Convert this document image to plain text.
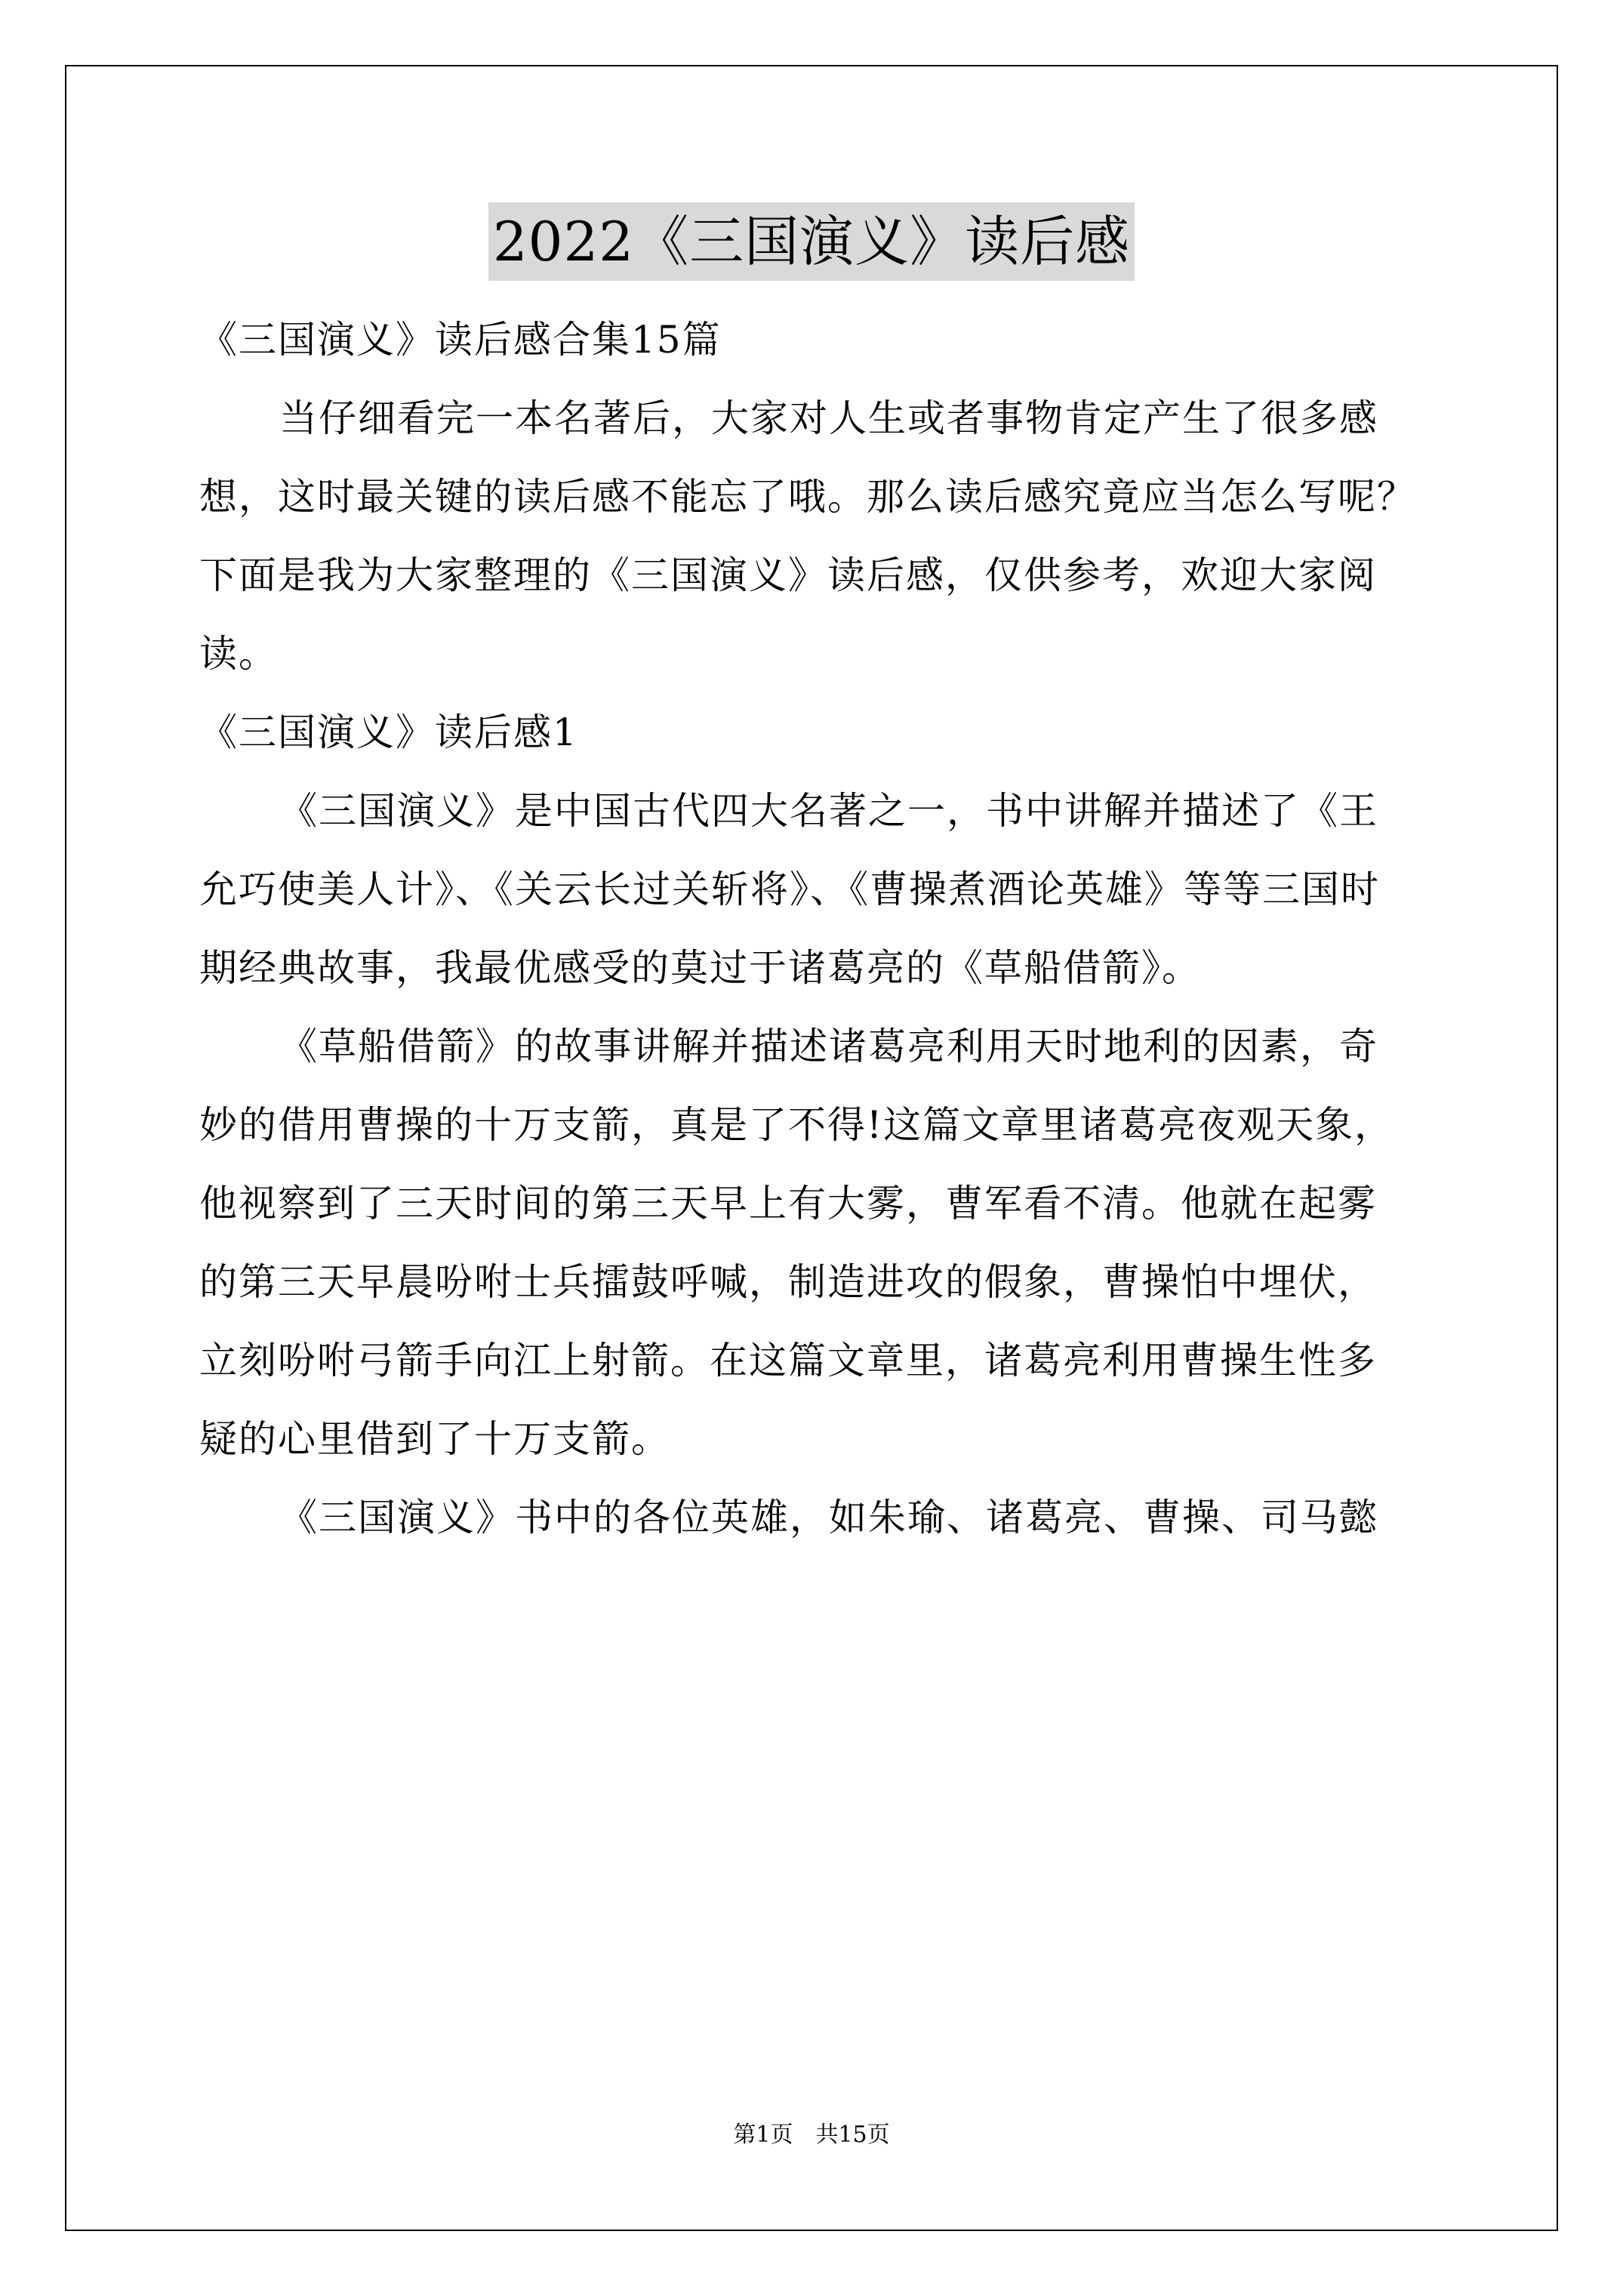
2022《三国演义》读后感
《三国演义》读后感合集15篇
当仔细看完一本名著后，大家对人生或者事物肯定产生了很多感
想，这时最关键的读后感不能忘了哦。那么读后感究竟应当怎么写呢？
下面是我为大家整理的《三国演义》读后感，仅供参考，欢迎大家阅
读。
《三国演义》读后感1
《三国演义》是中国古代四大名著之一，书中讲解并描述了《王
允巧使美人计》、《关云长过关斩将》、《曹操煮酒论英雄》等等三国时
期经典故事，我最优感受的莫过于诸葛亮的《草船借箭》。
《草船借箭》的故事讲解并描述诸葛亮利用天时地利的因素，奇
妙的借用曹操的十万支箭，真是了不得!这篇文章里诸葛亮夜观天象，
他视察到了三天时间的第三天早上有大雾，曹军看不清。他就在起雾
的第三天早晨吩咐士兵擂鼓呼喊，制造进攻的假象，曹操怕中埋伏，
立刻吩咐弓箭手向江上射箭。在这篇文章里，诸葛亮利用曹操生性多
疑的心里借到了十万支箭。
《三国演义》书中的各位英雄，如朱瑜、诸葛亮、曹操、司马懿
第1页　共15页
